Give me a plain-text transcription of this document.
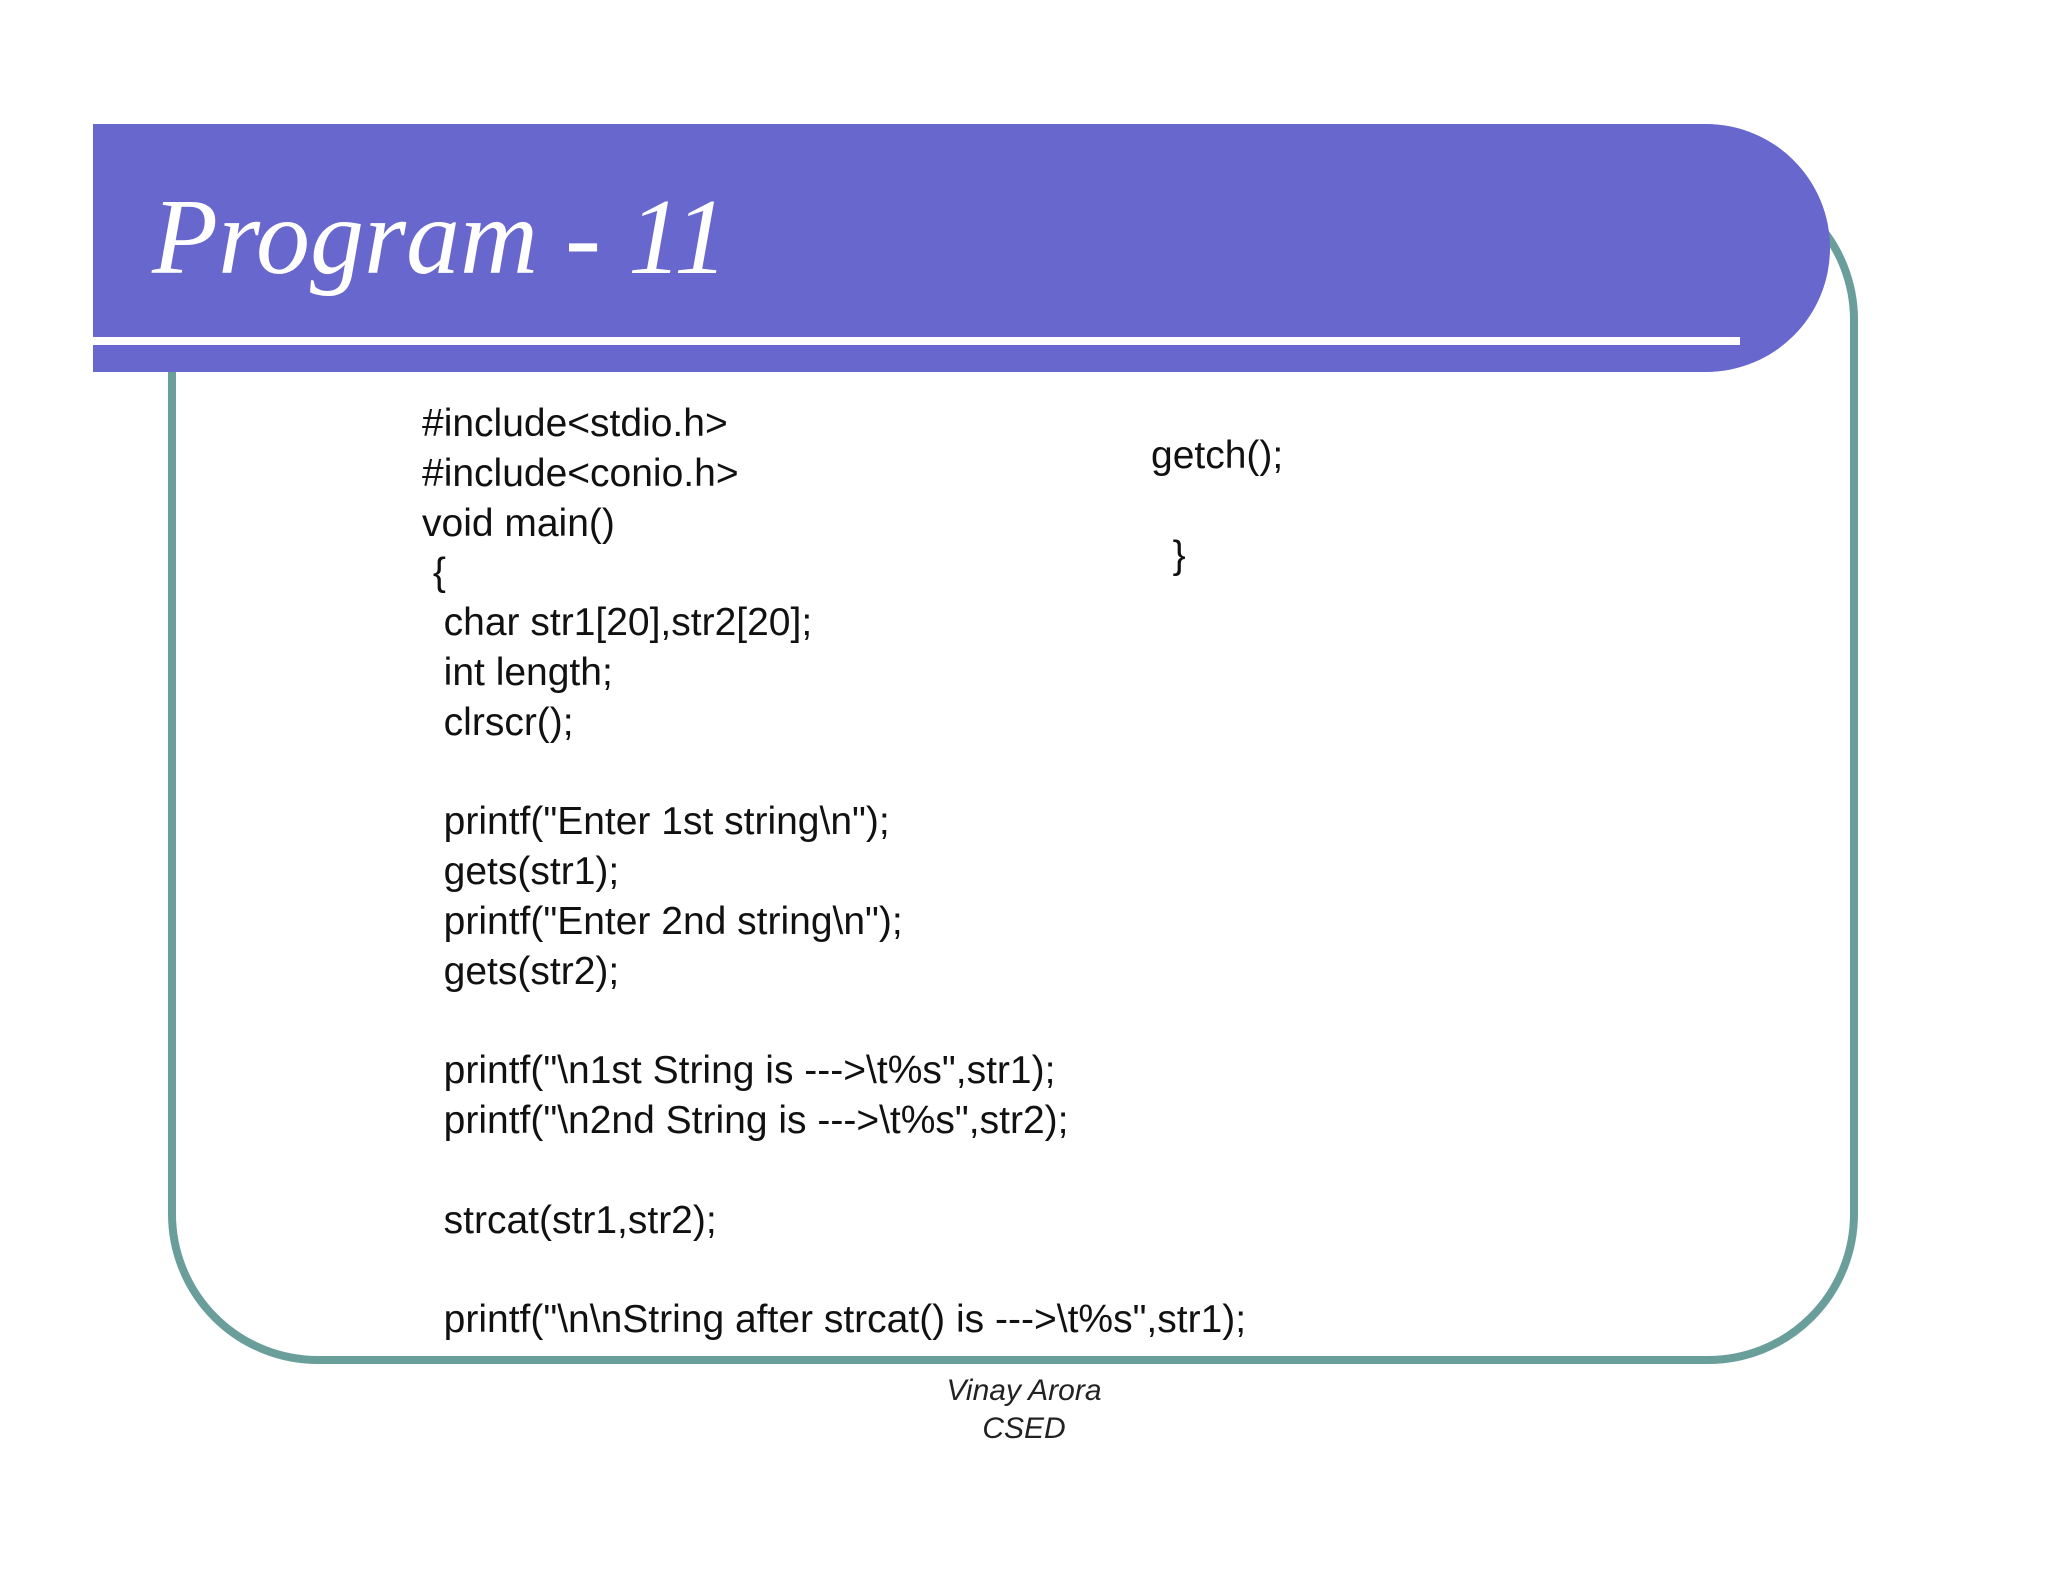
Program - 11
#include<stdio.h>
#include<conio.h>
void main()
{
char str1[20],str2[20];
int length;
clrscr();
printf("Enter 1st string\n");
gets(str1);
printf("Enter 2nd string\n");
gets(str2);
printf("\n1st String is --->\t%s",str1);
printf("\n2nd String is --->\t%s",str2);
strcat(str1,str2);
printf("\n\nString after strcat() is --->\t%s",str1);
getch();
}
Vinay Arora
CSED
